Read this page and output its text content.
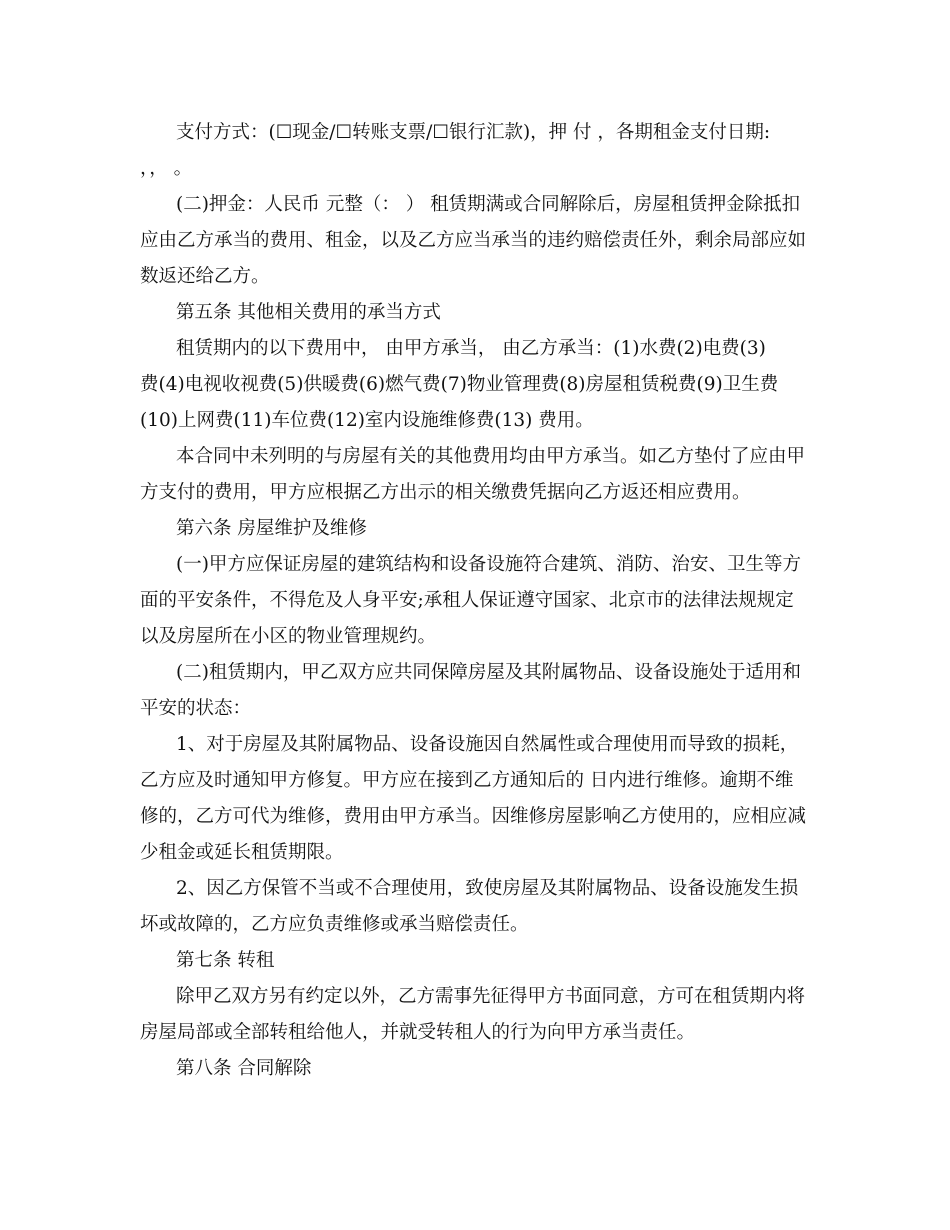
支付方式：(☐现金/☐转账支票/☐银行汇款)，押 付 ，各期租金支付日期:
，， 。
(二)押金：人民币 元整（： ） 租赁期满或合同解除后，房屋租赁押金除抵扣
应由乙方承当的费用、租金，以及乙方应当承当的违约赔偿责任外，剩余局部应如
数返还给乙方。
第五条 其他相关费用的承当方式
租赁期内的以下费用中， 由甲方承当， 由乙方承当：(1)水费(2)电费(3)
费(4)电视收视费(5)供暖费(6)燃气费(7)物业管理费(8)房屋租赁税费(9)卫生费
(10)上网费(11)车位费(12)室内设施维修费(13) 费用。
本合同中未列明的与房屋有关的其他费用均由甲方承当。如乙方垫付了应由甲
方支付的费用，甲方应根据乙方出示的相关缴费凭据向乙方返还相应费用。
第六条 房屋维护及维修
(一)甲方应保证房屋的建筑结构和设备设施符合建筑、消防、治安、卫生等方
面的平安条件，不得危及人身平安;承租人保证遵守国家、北京市的法律法规规定
以及房屋所在小区的物业管理规约。
(二)租赁期内，甲乙双方应共同保障房屋及其附属物品、设备设施处于适用和
平安的状态：
1、对于房屋及其附属物品、设备设施因自然属性或合理使用而导致的损耗，
乙方应及时通知甲方修复。甲方应在接到乙方通知后的 日内进行维修。逾期不维
修的，乙方可代为维修，费用由甲方承当。因维修房屋影响乙方使用的，应相应减
少租金或延长租赁期限。
2、因乙方保管不当或不合理使用，致使房屋及其附属物品、设备设施发生损
坏或故障的，乙方应负责维修或承当赔偿责任。
第七条 转租
除甲乙双方另有约定以外，乙方需事先征得甲方书面同意，方可在租赁期内将
房屋局部或全部转租给他人，并就受转租人的行为向甲方承当责任。
第八条 合同解除
